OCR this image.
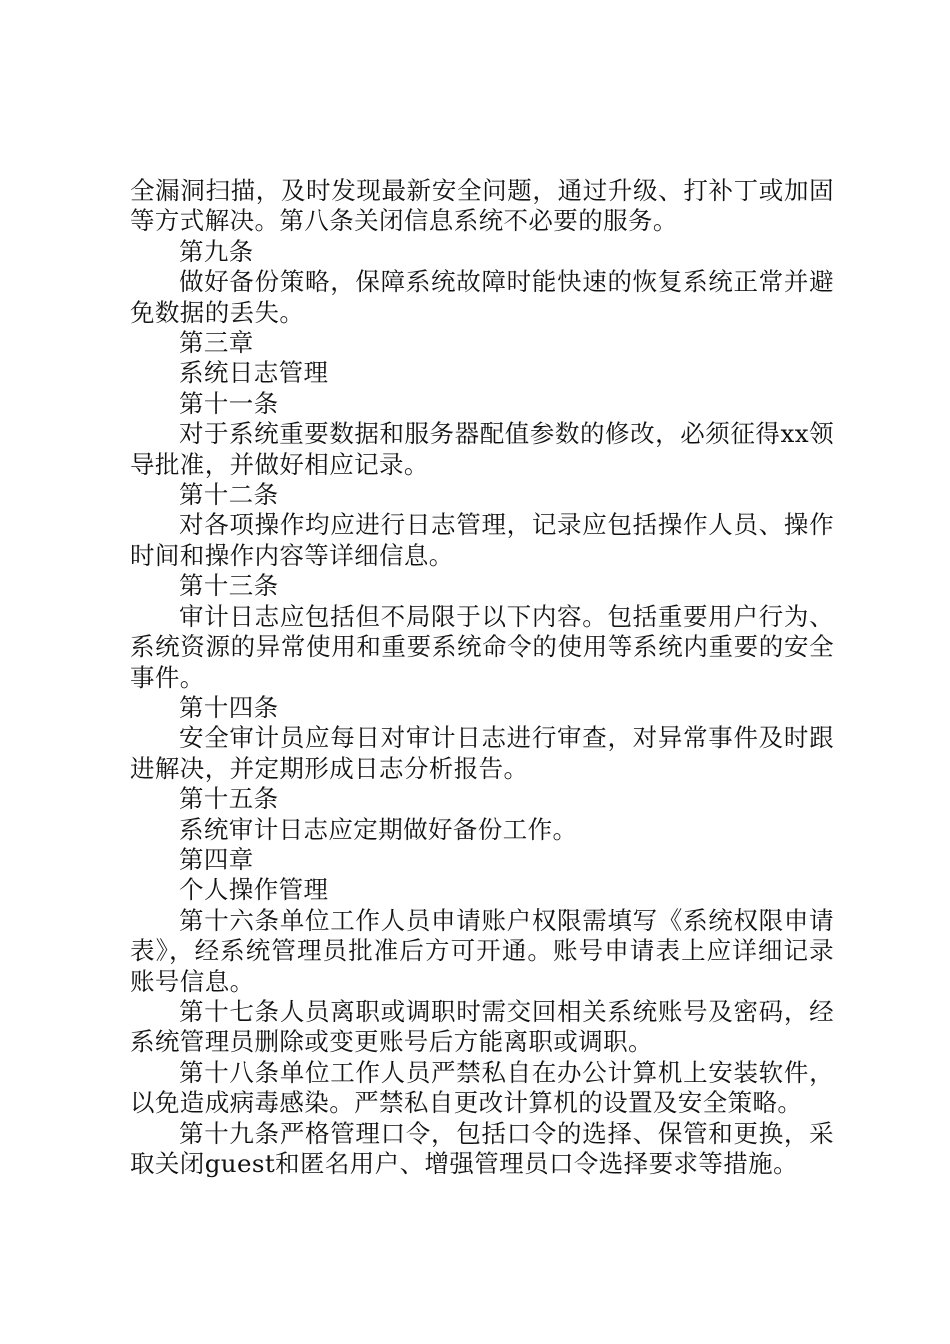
全漏洞扫描，及时发现最新安全问题，通过升级、打补丁或加固等方式解决。第八条关闭信息系统不必要的服务。

第九条

做好备份策略，保障系统故障时能快速的恢复系统正常并避免数据的丢失。

第三章

系统日志管理

第十一条

对于系统重要数据和服务器配值参数的修改，必须征得xx领导批准，并做好相应记录。

第十二条

对各项操作均应进行日志管理，记录应包括操作人员、操作时间和操作内容等详细信息。

第十三条

审计日志应包括但不局限于以下内容。包括重要用户行为、系统资源的异常使用和重要系统命令的使用等系统内重要的安全事件。

第十四条

安全审计员应每日对审计日志进行审查，对异常事件及时跟进解决，并定期形成日志分析报告。

第十五条

系统审计日志应定期做好备份工作。

第四章

个人操作管理

第十六条单位工作人员申请账户权限需填写《系统权限申请表》，经系统管理员批准后方可开通。账号申请表上应详细记录账号信息。

第十七条人员离职或调职时需交回相关系统账号及密码，经系统管理员删除或变更账号后方能离职或调职。

第十八条单位工作人员严禁私自在办公计算机上安装软件，以免造成病毒感染。严禁私自更改计算机的设置及安全策略。

第十九条严格管理口令，包括口令的选择、保管和更换，采取关闭guest和匿名用户、增强管理员口令选择要求等措施。
